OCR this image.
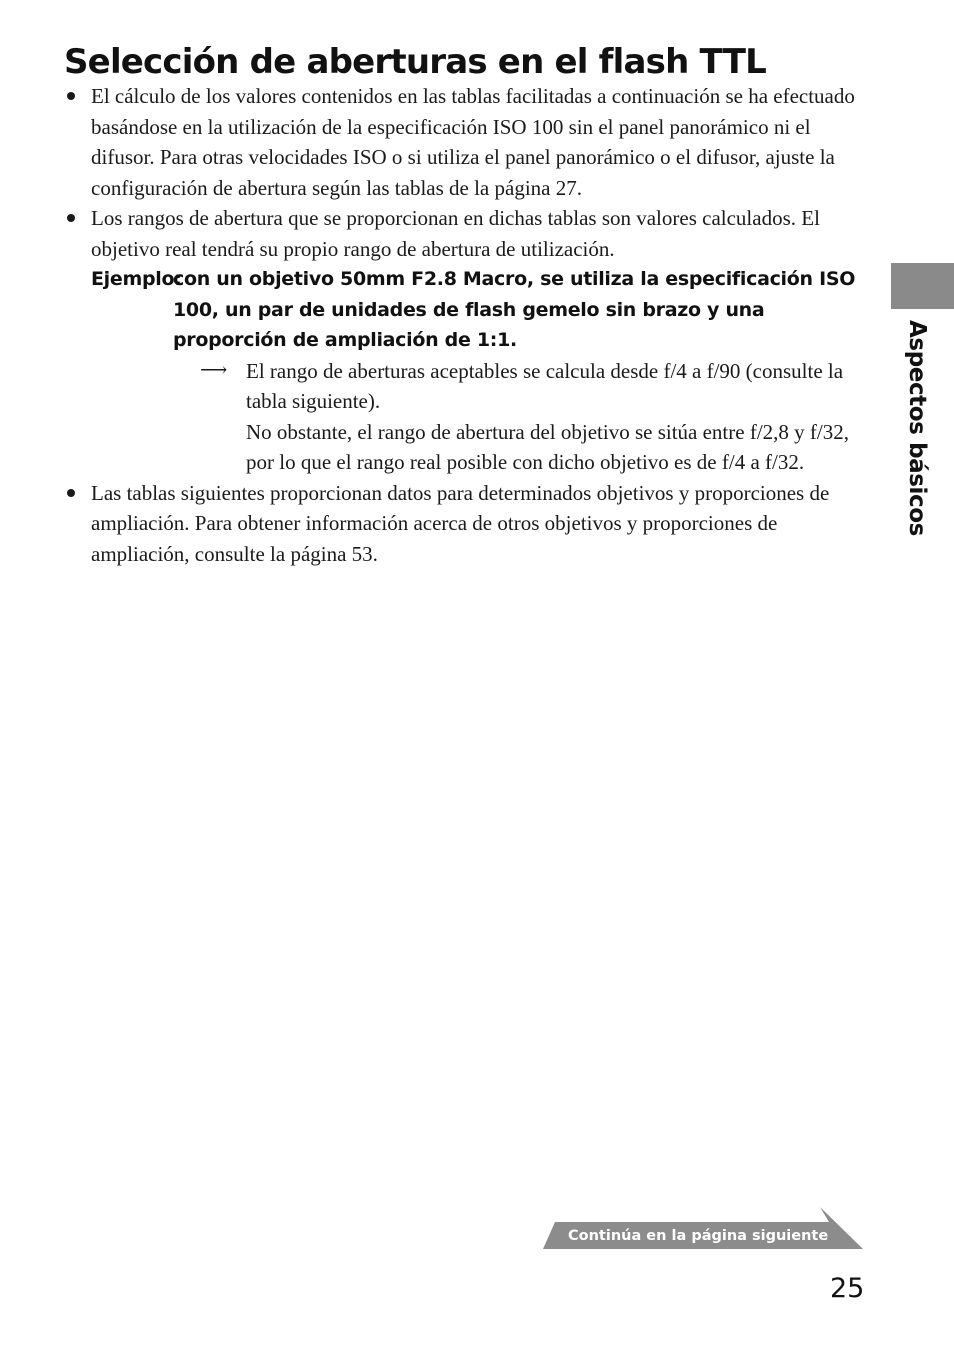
Selección de aberturas en el flash TTL
Aspectos básicos
El cálculo de los valores contenidos en las tablas facilitadas a continuación se ha efectuado basándose en la utilización de la especificación ISO 100 sin el panel panorámico ni el difusor. Para otras velocidades ISO o si utiliza el panel panorámico o el difusor, ajuste la configuración de abertura según las tablas de la página 27.
Los rangos de abertura que se proporcionan en dichas tablas son valores calculados. El objetivo real tendrá su propio rango de abertura de utilización.
Ejemplo:
con un objetivo 50mm F2.8 Macro, se utiliza la especificación ISO 100, un par de unidades de flash gemelo sin brazo y una proporción de ampliación de 1:1.
⟶ El rango de aberturas aceptables se calcula desde f/4 a f/90 (consulte la tabla siguiente).

No obstante, el rango de abertura del objetivo se sitúa entre f/2,8 y f/32, por lo que el rango real posible con dicho objetivo es de f/4 a f/32.

Las tablas siguientes proporcionan datos para determinados objetivos y proporciones de ampliación. Para obtener información acerca de otros objetivos y proporciones de ampliación, consulte la página 53.
Continúa en la página siguiente
25
